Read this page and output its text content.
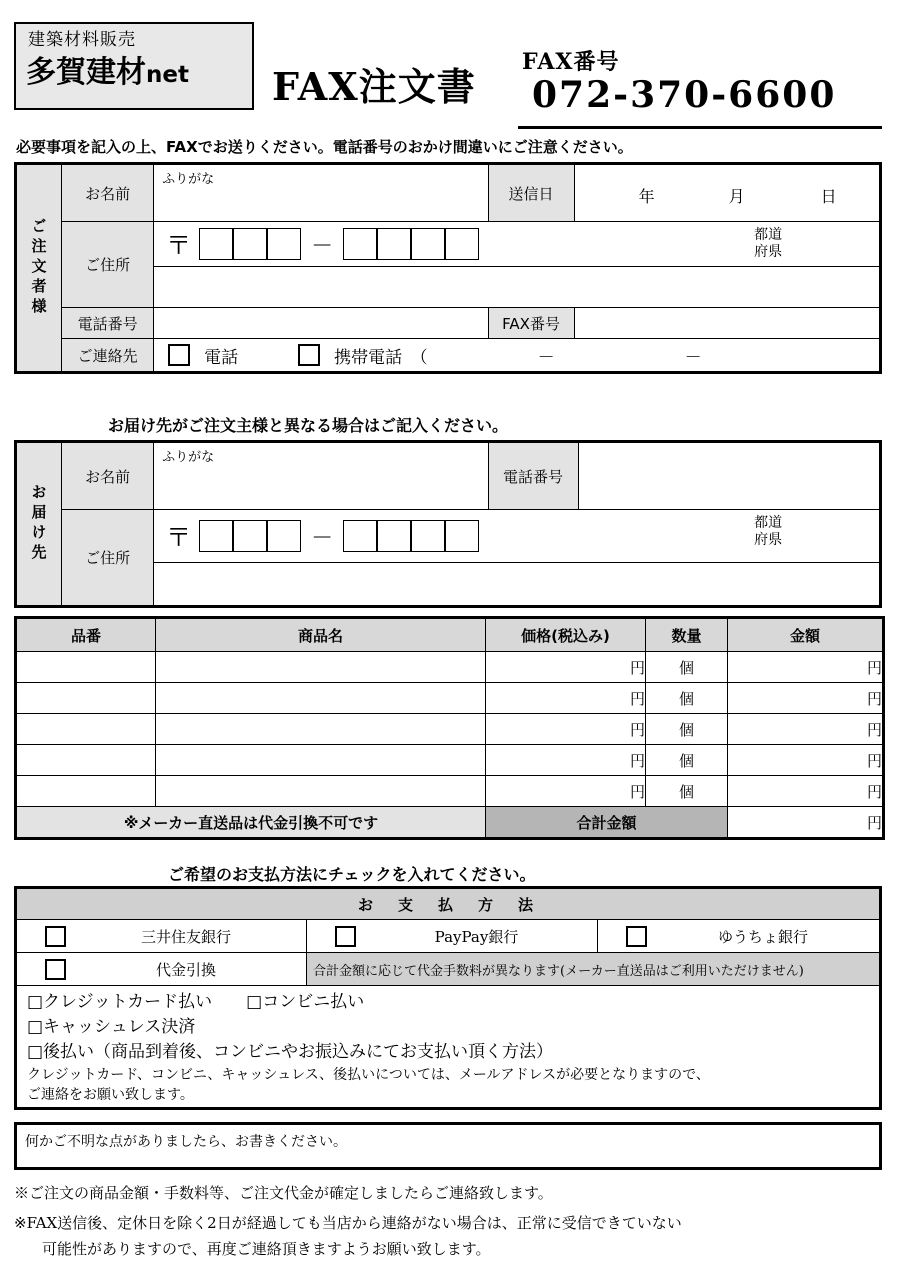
建築材料販売
多賀建材net	FAX注文書
FAX番号
072-370-6600
必要事項を記入の上、FAXでお送りください。電話番号のおかけ間違いにご注意ください。
ご注文者様	お名前	ふりがな	送信日	年 月 日

	ご住所	〒 － 都道
府県		

	電話番号		FAX番号	
	ご連絡先	電話 携帯電話　（ － －		
お届け先がご注文主様と異なる場合はご記入ください。
お届け先	お名前	ふりがな	電話番号	
	ご住所	〒 －
都道
府県		

品番	商品名	価格(税込み)	数量	金額
		円	個	円
		円	個	円
		円	個	円
		円	個	円
		円	個	円
※メーカー直送品は代金引換不可です		合計金額		円
ご希望のお支払方法にチェックを入れてください。
お　支　払　方　法		

三井住友銀行	PayPay銀行	ゆうちょ銀行

代金引換	合計金額に応じて代金手数料が異なります(メーカー直送品はご利用いただけません)	
□クレジットカード払い　　□コンビニ払い
□キャッシュレス決済
□後払い（商品到着後、コンビニやお振込みにてお支払い頂く方法）
クレジットカード、コンビニ、キャッシュレス、後払いについては、メールアドレスが必要となりますので、
ご連絡をお願い致します。
何かご不明な点がありましたら、お書きください。
※ご注文の商品金額・手数料等、ご注文代金が確定しましたらご連絡致します。
※FAX送信後、定休日を除く2日が経過しても当店から連絡がない場合は、正常に受信できていない
可能性がありますので、再度ご連絡頂きますようお願い致します。
